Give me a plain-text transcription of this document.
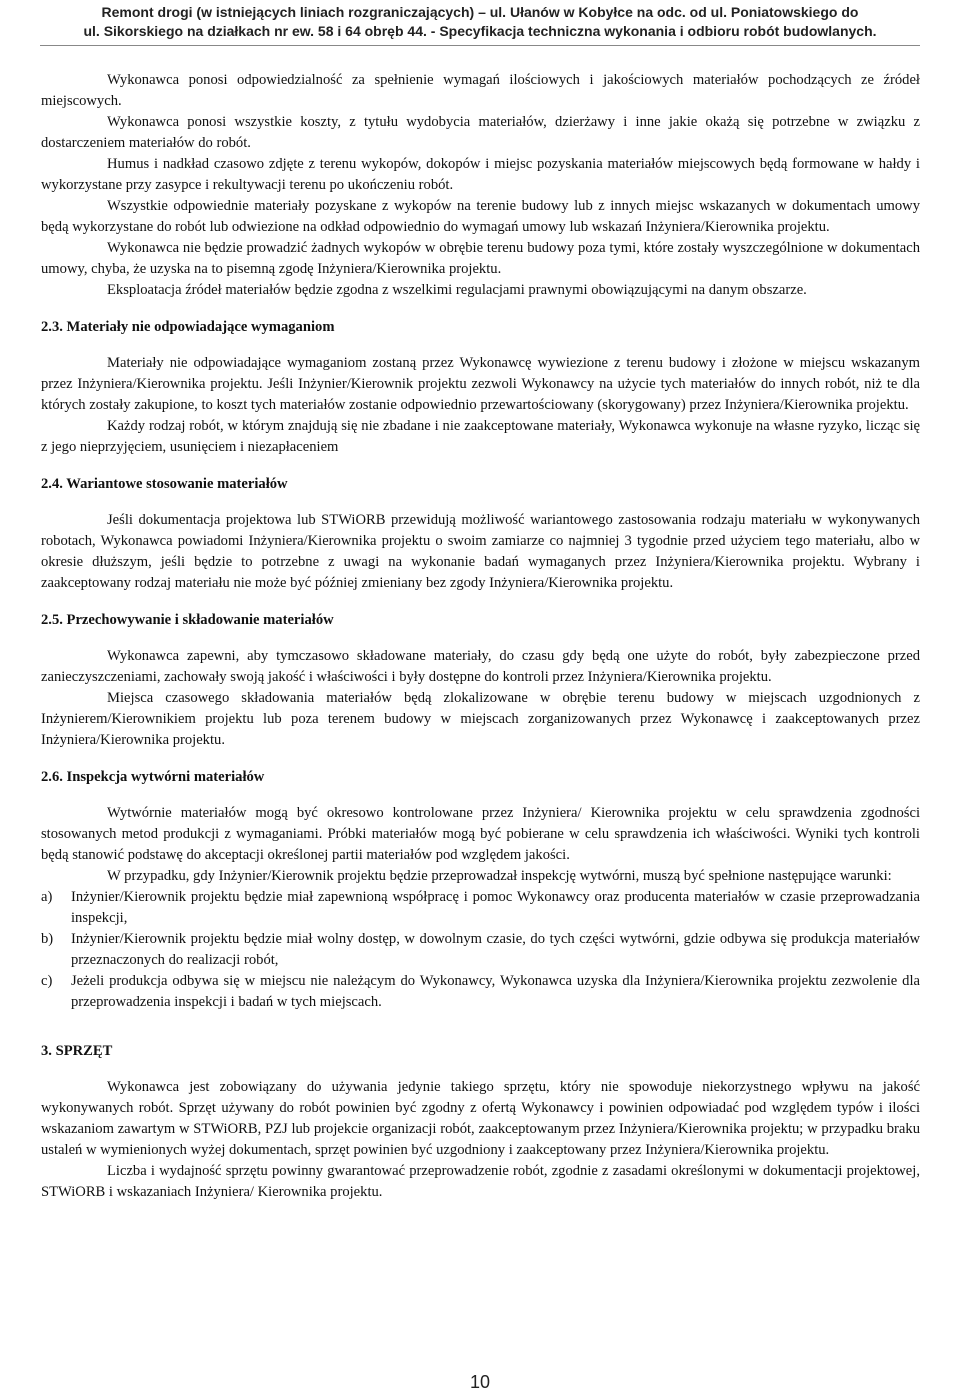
Remont drogi (w istniejących liniach rozgraniczających) – ul. Ułanów w Kobyłce na odc. od ul. Poniatowskiego do
ul. Sikorskiego na działkach nr ew. 58 i 64 obręb 44. - Specyfikacja techniczna wykonania i odbioru robót budowlanych.

Wykonawca ponosi odpowiedzialność za spełnienie wymagań ilościowych i jakościowych materiałów pochodzących ze źródeł miejscowych.

Wykonawca ponosi wszystkie koszty, z tytułu wydobycia materiałów, dzierżawy i inne jakie okażą się potrzebne w związku z dostarczeniem materiałów do robót.

Humus i nadkład czasowo zdjęte z terenu wykopów, dokopów i miejsc pozyskania materiałów miejscowych będą formowane w hałdy i wykorzystane przy zasypce i rekultywacji terenu po ukończeniu robót.

Wszystkie odpowiednie materiały pozyskane z wykopów na terenie budowy lub z innych miejsc wskazanych w dokumentach umowy będą wykorzystane do robót lub odwiezione na odkład odpowiednio do wymagań umowy lub wskazań Inżyniera/Kierownika projektu.

Wykonawca nie będzie prowadzić żadnych wykopów w obrębie terenu budowy poza tymi, które zostały wyszczególnione w dokumentach umowy, chyba, że uzyska na to pisemną zgodę Inżyniera/Kierownika projektu.

Eksploatacja źródeł materiałów będzie zgodna z wszelkimi regulacjami prawnymi obowiązującymi na danym obszarze.

2.3. Materiały nie odpowiadające wymaganiom

Materiały nie odpowiadające wymaganiom zostaną przez Wykonawcę wywiezione z terenu budowy i złożone w miejscu wskazanym przez Inżyniera/Kierownika projektu. Jeśli Inżynier/Kierownik projektu zezwoli Wykonawcy na użycie tych materiałów do innych robót, niż te dla których zostały zakupione, to koszt tych materiałów zostanie odpowiednio przewartościowany (skorygowany) przez Inżyniera/Kierownika projektu.

Każdy rodzaj robót, w którym znajdują się nie zbadane i nie zaakceptowane materiały, Wykonawca wykonuje na własne ryzyko, licząc się z jego nieprzyjęciem, usunięciem i niezapłaceniem

2.4. Wariantowe stosowanie materiałów

Jeśli dokumentacja projektowa lub STWiORB przewidują możliwość wariantowego zastosowania rodzaju materiału w wykonywanych robotach, Wykonawca powiadomi Inżyniera/Kierownika projektu o swoim zamiarze co najmniej 3 tygodnie przed użyciem tego materiału, albo w okresie dłuższym, jeśli będzie to potrzebne z uwagi na wykonanie badań wymaganych przez Inżyniera/Kierownika projektu. Wybrany i zaakceptowany rodzaj materiału nie może być później zmieniany bez zgody Inżyniera/Kierownika projektu.

2.5. Przechowywanie i składowanie materiałów

Wykonawca zapewni, aby tymczasowo składowane materiały, do czasu gdy będą one użyte do robót, były zabezpieczone przed zanieczyszczeniami, zachowały swoją jakość i właściwości i były dostępne do kontroli przez Inżyniera/Kierownika projektu.

Miejsca czasowego składowania materiałów będą zlokalizowane w obrębie terenu budowy w miejscach uzgodnionych z Inżynierem/Kierownikiem projektu lub poza terenem budowy w miejscach zorganizowanych przez Wykonawcę i zaakceptowanych przez Inżyniera/Kierownika projektu.

2.6. Inspekcja wytwórni materiałów

Wytwórnie materiałów mogą być okresowo kontrolowane przez Inżyniera/ Kierownika projektu w celu sprawdzenia zgodności stosowanych metod produkcji z wymaganiami. Próbki materiałów mogą być pobierane w celu sprawdzenia ich właściwości. Wyniki tych kontroli będą stanowić podstawę do akceptacji określonej partii materiałów pod względem jakości.

W przypadku, gdy Inżynier/Kierownik projektu będzie przeprowadzał inspekcję wytwórni, muszą być spełnione następujące warunki:

a) Inżynier/Kierownik projektu będzie miał zapewnioną współpracę i pomoc Wykonawcy oraz producenta materiałów w czasie przeprowadzania inspekcji,
b) Inżynier/Kierownik projektu będzie miał wolny dostęp, w dowolnym czasie, do tych części wytwórni, gdzie odbywa się produkcja materiałów przeznaczonych do realizacji robót,
c) Jeżeli produkcja odbywa się w miejscu nie należącym do Wykonawcy, Wykonawca uzyska dla Inżyniera/Kierownika projektu zezwolenie dla przeprowadzenia inspekcji i badań w tych miejscach.
3. SPRZĘT

Wykonawca jest zobowiązany do używania jedynie takiego sprzętu, który nie spowoduje niekorzystnego wpływu na jakość wykonywanych robót. Sprzęt używany do robót powinien być zgodny z ofertą Wykonawcy i powinien odpowiadać pod względem typów i ilości wskazaniom zawartym w STWiORB, PZJ lub projekcie organizacji robót, zaakceptowanym przez Inżyniera/Kierownika projektu; w przypadku braku ustaleń w wymienionych wyżej dokumentach, sprzęt powinien być uzgodniony i zaakceptowany przez Inżyniera/Kierownika projektu.

Liczba i wydajność sprzętu powinny gwarantować przeprowadzenie robót, zgodnie z zasadami określonymi w dokumentacji projektowej, STWiORB i wskazaniach Inżyniera/ Kierownika projektu.

10
